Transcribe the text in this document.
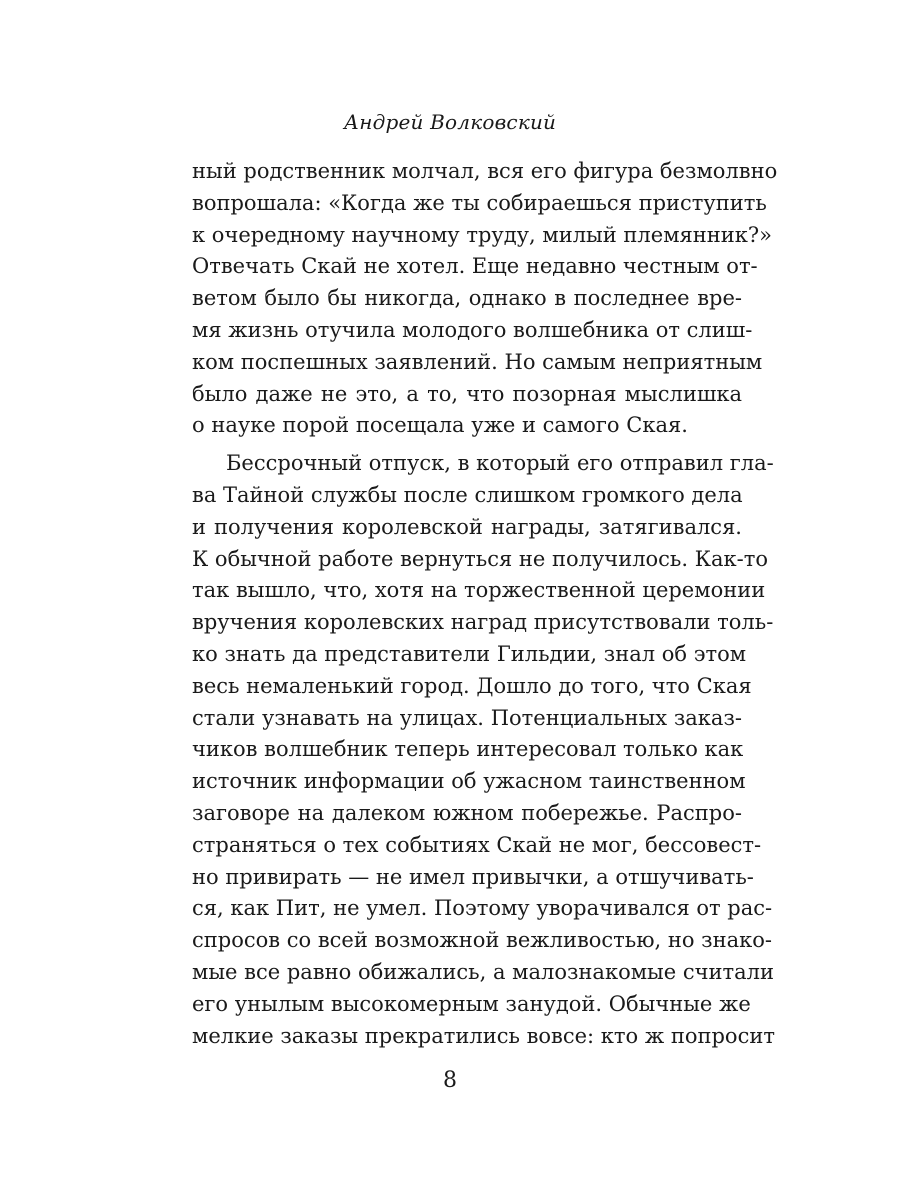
Андрей Волковский
ный родственник молчал, вся его фигура безмолвно
вопрошала: «Когда же ты собираешься приступить
к очередному научному труду, милый племянник?»
Отвечать Скай не хотел. Еще недавно честным от-
ветом было бы никогда, однако в последнее вре-
мя жизнь отучила молодого волшебника от слиш-
ком поспешных заявлений. Но самым неприятным
было даже не это, а то, что позорная мыслишка
о науке порой посещала уже и самого Ская.
Бессрочный отпуск, в который его отправил гла-
ва Тайной службы после слишком громкого дела
и получения королевской награды, затягивался.
К обычной работе вернуться не получилось. Как-то
так вышло, что, хотя на торжественной церемонии
вручения королевских наград присутствовали толь-
ко знать да представители Гильдии, знал об этом
весь немаленький город. Дошло до того, что Ская
стали узнавать на улицах. Потенциальных заказ-
чиков волшебник теперь интересовал только как
источник информации об ужасном таинственном
заговоре на далеком южном побережье. Распро-
страняться о тех событиях Скай не мог, бессовест-
но привирать — не имел привычки, а отшучивать-
ся, как Пит, не умел. Поэтому уворачивался от рас-
спросов со всей возможной вежливостью, но знако-
мые все равно обижались, а малознакомые считали
его унылым высокомерным занудой. Обычные же
мелкие заказы прекратились вовсе: кто ж попросит
8
